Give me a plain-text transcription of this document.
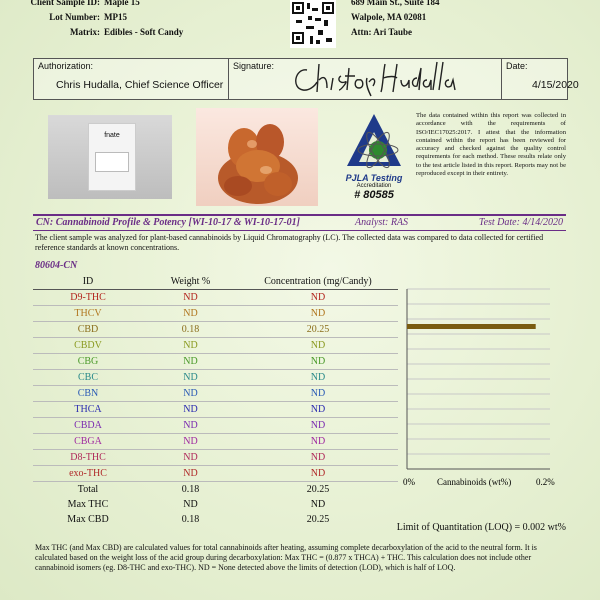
Client Sample ID: Maple 15
Lot Number: MP15
Matrix: Edibles - Soft Candy
689 Main St., Suite 184
Walpole, MA 02081
Attn: Ari Taube
Authorization:
Chris Hudalla, Chief Science Officer
Signature:	Date:
4/15/2020
fnate
PJLA Testing
Accreditation
# 80585
The data contained within this report was collected in accordance with the requirements of ISO/IEC17025:2017. I attest that the information contained within the report has been reviewed for accuracy and checked against the quality control requirements for each method. These results relate only to the test article listed in this report. Reports may not be reproduced except in their entirety.
CN: Cannabinoid Profile & Potency [WI-10-17 & WI-10-17-01]	Analyst: RAS	Test Date: 4/14/2020
The client sample was analyzed for plant-based cannabinoids by Liquid Chromatography (LC). The collected data was compared to data collected for certified reference standards at known concentrations.
80604-CN
ID	Weight %	Concentration (mg/Candy)
D9-THC	ND	ND
THCV	ND	ND
CBD	0.18	20.25
CBDV	ND	ND
CBG	ND	ND
CBC	ND	ND
CBN	ND	ND
THCA	ND	ND
CBDA	ND	ND
CBGA	ND	ND
D8-THC	ND	ND
exo-THC	ND	ND
Total	0.18	20.25
Max THC	ND	ND
Max CBD	0.18	20.25
0%	0.2%
Cannabinoids (wt%)
Limit of Quantitation (LOQ) = 0.002 wt%
Max THC (and Max CBD) are calculated values for total cannabinoids after heating, assuming complete decarboxylation of the acid to the neutral form. It is calculated based on the weight loss of the acid group during decarboxylation: Max THC = (0.877 x THCA) + THC. This calculation does not include other cannabinoid isomers (eg. D8-THC and exo-THC). ND = None detected above the limits of detection (LOD), which is half of LOQ.
